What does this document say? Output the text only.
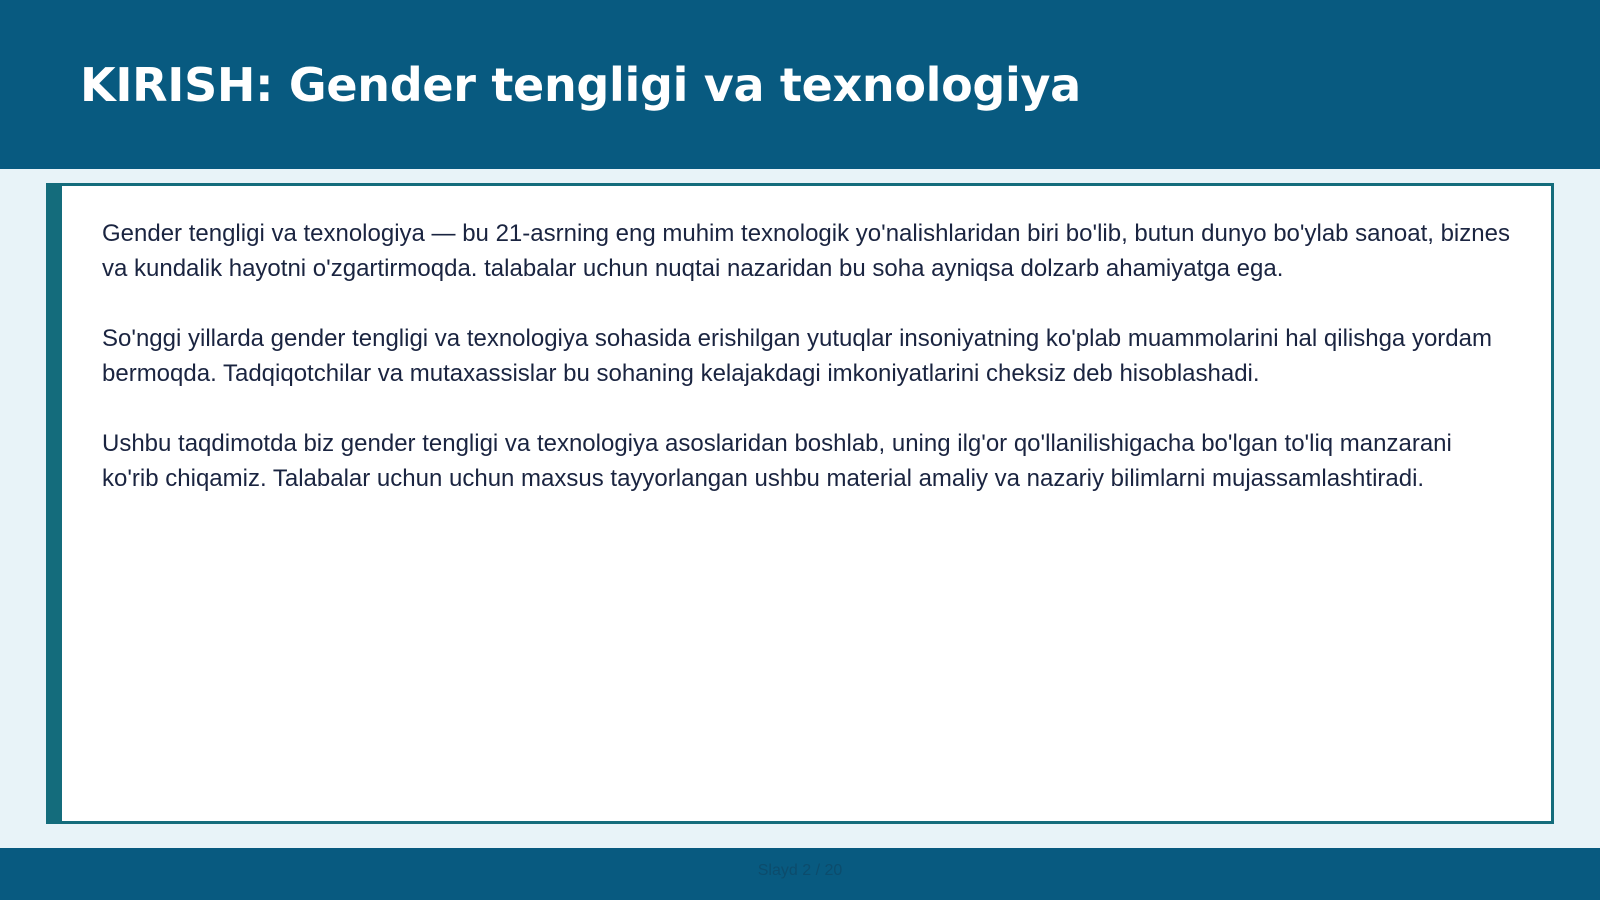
KIRISH: Gender tengligi va texnologiya

Gender tengligi va texnologiya — bu 21-asrning eng muhim texnologik yo'nalishlaridan biri bo'lib, butun dunyo bo'ylab sanoat, biznes va kundalik hayotni o'zgartirmoqda. talabalar uchun nuqtai nazaridan bu soha ayniqsa dolzarb ahamiyatga ega.

So'nggi yillarda gender tengligi va texnologiya sohasida erishilgan yutuqlar insoniyatning ko'plab muammolarini hal qilishga yordam bermoqda. Tadqiqotchilar va mutaxassislar bu sohaning kelajakdagi imkoniyatlarini cheksiz deb hisoblashadi.

Ushbu taqdimotda biz gender tengligi va texnologiya asoslaridan boshlab, uning ilg'or qo'llanilishigacha bo'lgan to'liq manzarani ko'rib chiqamiz. Talabalar uchun uchun maxsus tayyorlangan ushbu material amaliy va nazariy bilimlarni mujassamlashtiradi.

Slayd 2 / 20
